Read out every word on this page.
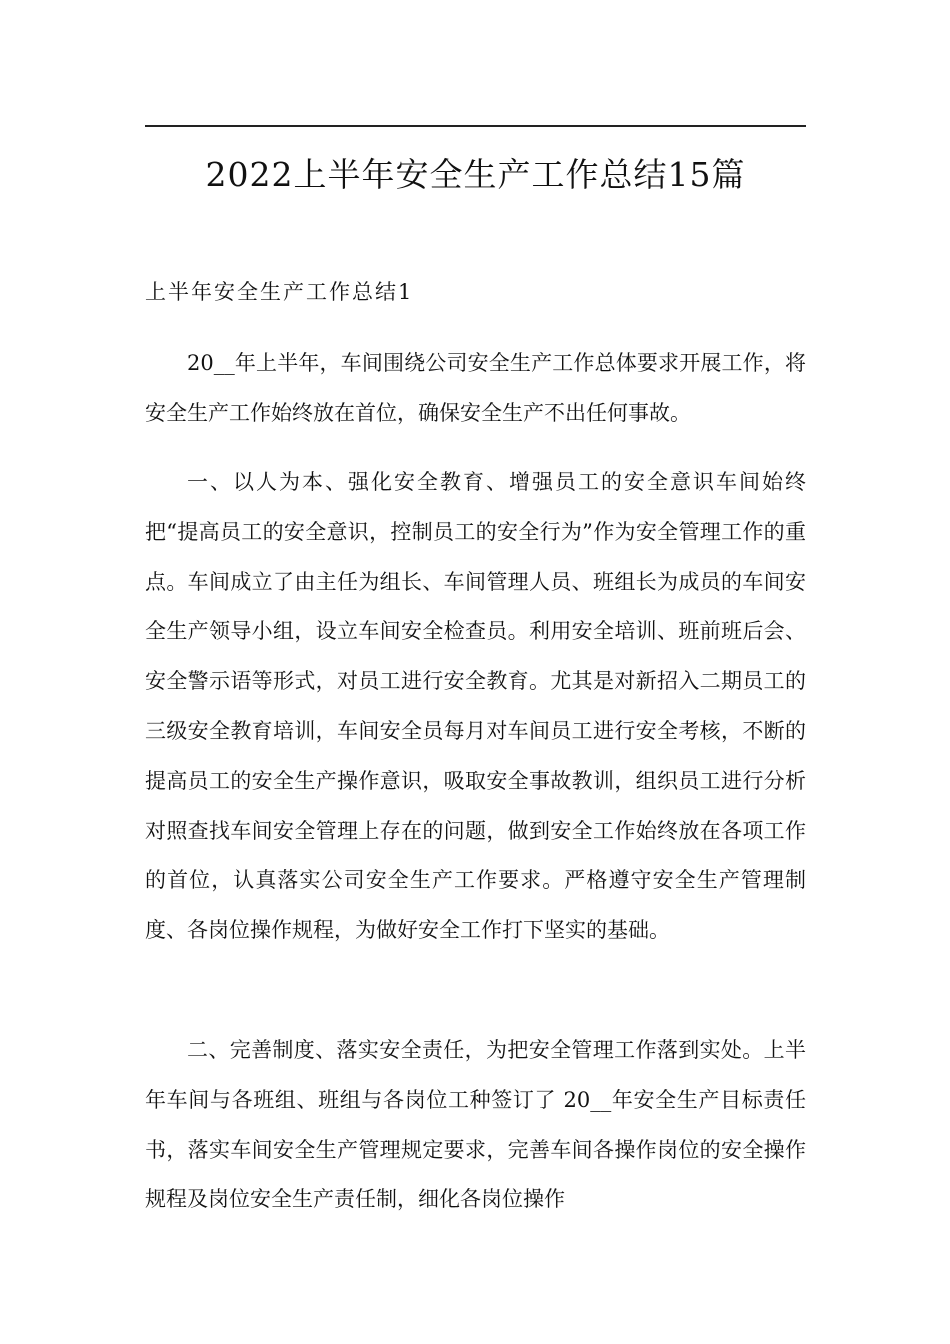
2022上半年安全生产工作总结15篇
上半年安全生产工作总结1

20__年上半年，车间围绕公司安全生产工作总体要求开展工作，将安全生产工作始终放在首位，确保安全生产不出任何事故。

一、以人为本、强化安全教育、增强员工的安全意识车间始终把“提高员工的安全意识，控制员工的安全行为”作为安全管理工作的重点。车间成立了由主任为组长、车间管理人员、班组长为成员的车间安全生产领导小组，设立车间安全检查员。利用安全培训、班前班后会、安全警示语等形式，对员工进行安全教育。尤其是对新招入二期员工的三级安全教育培训，车间安全员每月对车间员工进行安全考核，不断的提高员工的安全生产操作意识，吸取安全事故教训，组织员工进行分析对照查找车间安全管理上存在的问题，做到安全工作始终放在各项工作的首位，认真落实公司安全生产工作要求。严格遵守安全生产管理制度、各岗位操作规程，为做好安全工作打下坚实的基础。

二、完善制度、落实安全责任，为把安全管理工作落到实处。上半年车间与各班组、班组与各岗位工种签订了 20__年安全生产目标责任书，落实车间安全生产管理规定要求，完善车间各操作岗位的安全操作规程及岗位安全生产责任制，细化各岗位操作
